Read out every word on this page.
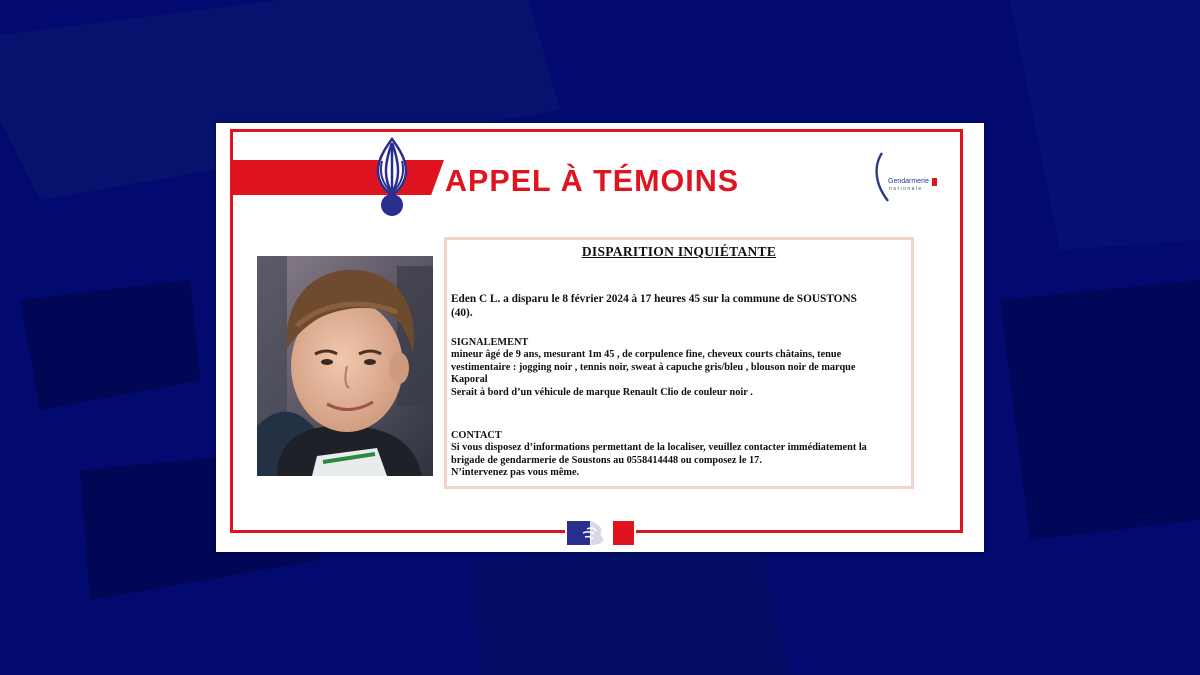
APPEL À TÉMOINS	Gendarmerie
nationale
DISPARITION INQUIÉTANTE

Eden C L. a disparu le 8 février 2024 à 17 heures 45 sur la commune de SOUSTONS
(40).

SIGNALEMENT
mineur âgé de 9 ans, mesurant 1m 45 , de corpulence fine, cheveux courts châtains, tenue
vestimentaire : jogging noir , tennis noir, sweat à capuche gris/bleu , blouson noir de marque
Kaporal
Serait à bord d’un véhicule de marque Renault Clio de couleur noir .

CONTACT
Si vous disposez d’informations permettant de la localiser, veuillez contacter immédiatement la
brigade de gendarmerie de Soustons au 0558414448 ou composez le 17.
N’intervenez pas vous même.
